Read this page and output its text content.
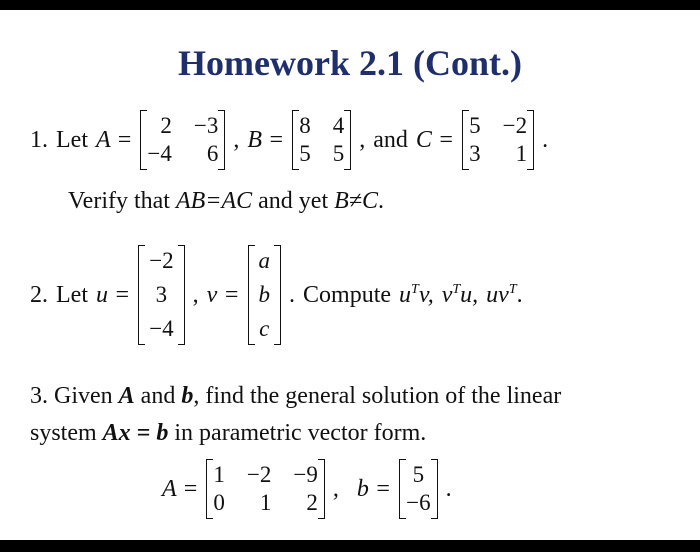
Homework 2.1 (Cont.)
1. Let A =
2 −3
−4	6
, B =
8 4
5 5
, and C =
5 −2
3	1
.
Verify that AB=AC and yet B≠C.
2. Let u =
−2
3
−4
, v =
a
b
c
. Compute $u^Tv$, $v^Tu$, $uv^T$.
3. Given A and b, find the general solution of the linear
system Ax = b in parametric vector form.
A =
1 −2 −9
0	1	2
, b =
5
−6
.
